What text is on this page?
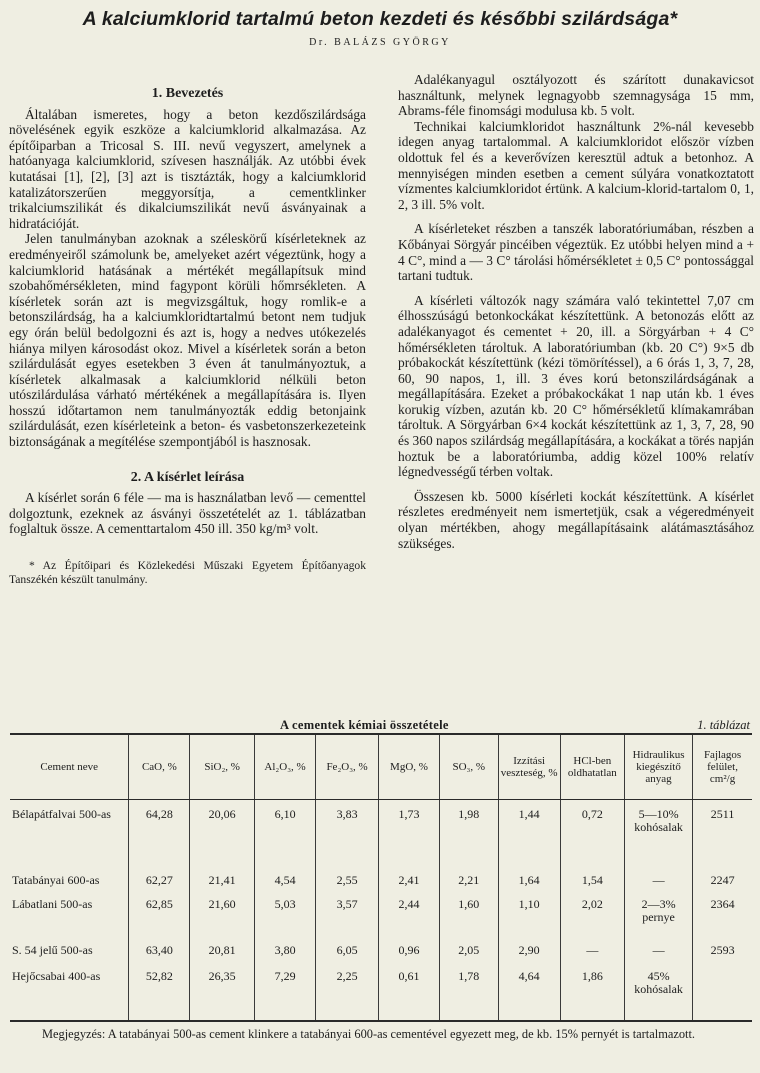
A kalciumklorid tartalmú beton kezdeti és későbbi szilárdsága*
Dr. BALÁZS GYÖRGY
1. Bevezetés

Általában ismeretes, hogy a beton kezdőszilárdsága növelésének egyik eszköze a kalciumklorid alkalmazása. Az építőiparban a Tricosal S. III. nevű vegyszert, amelynek a hatóanyaga kalciumklorid, szívesen használják. Az utóbbi évek kutatásai [1], [2], [3] azt is tisztázták, hogy a kalciumklorid katalizátorszerűen meggyorsítja, a cementklinker trikalciumszilikát és dikalciumszilikát nevű ásványainak a hidratációját.

Jelen tanulmányban azoknak a széleskörű kísérleteknek az eredményeiről számolunk be, amelyeket azért végeztünk, hogy a kalciumklorid hatásának a mértékét megállapítsuk mind szobahőmérsékleten, mind fagypont körüli hőmrsékleten. A kísérletek során azt is megvizsgáltuk, hogy romlik-e a betonszilárdság, ha a kalciumkloridtartalmú betont nem tudjuk egy órán belül bedolgozni és azt is, hogy a nedves utókezelés hiánya milyen károsodást okoz. Mivel a kísérletek során a beton szilárdulását egyes esetekben 3 éven át tanulmányoztuk, a kísérletek alkalmasak a kalciumklorid nélküli beton utószilárdulása várható mértékének a megállapítására is. Ilyen hosszú időtartamon nem tanulmányozták eddig betonjaink szilárdulását, ezen kísérleteink a beton- és vasbetonszerkezeteink biztonságának a megítélése szempontjából is hasznosak.

2. A kísérlet leírása

A kísérlet során 6 féle — ma is használatban levő — cementtel dolgoztunk, ezeknek az ásványi összetételét az 1. táblázatban foglaltuk össze. A cementtartalom 450 ill. 350 kg/m³ volt.

* Az Építőipari és Közlekedési Műszaki Egyetem Építőanyagok Tanszékén készült tanulmány.

Adalékanyagul osztályozott és szárított dunakavicsot használtunk, melynek legnagyobb szemnagysága 15 mm, Abrams-féle finomsági modulusa kb. 5 volt.

Technikai kalciumkloridot használtunk 2%-nál kevesebb idegen anyag tartalommal. A kalciumkloridot először vízben oldottuk fel és a keverővízen keresztül adtuk a betonhoz. A mennyiségen minden esetben a cement súlyára vonatkoztatott vízmentes kalciumkloridot értünk. A kalcium-klorid-tartalom 0, 1, 2, 3 ill. 5% volt.

A kísérleteket részben a tanszék laboratóriumában, részben a Kőbányai Sörgyár pincéiben végeztük. Ez utóbbi helyen mind a + 4 C°, mind a — 3 C° tárolási hőmérsékletet ± 0,5 C° pontossággal tartani tudtuk.

A kísérleti változók nagy számára való tekintettel 7,07 cm élhosszúságú betonkockákat készítettünk. A betonozás előtt az adalékanyagot és cementet + 20, ill. a Sörgyárban + 4 C° hőmérsékleten tároltuk. A laboratóriumban (kb. 20 C°) 9×5 db próbakockát készítettünk (kézi tömörítéssel), a 6 órás 1, 3, 7, 28, 60, 90 napos, 1, ill. 3 éves korú betonszilárdságának a megállapítására. Ezeket a próbakockákat 1 nap után kb. 1 éves korukig vízben, azután kb. 20 C° hőmérsékletű klímakamrában tároltuk. A Sörgyárban 6×4 kockát készítettünk az 1, 3, 7, 28, 90 és 360 napos szilárdság megállapítására, a kockákat a törés napján hoztuk be a laboratóriumba, addig közel 100% relatív légnedvességű térben voltak.

Összesen kb. 5000 kísérleti kockát készítettünk. A kísérlet részletes eredményeit nem ismertetjük, csak a végeredményeit olyan mértékben, ahogy megállapításaink alátámasztásához szükséges.

A cementek kémiai összetétele	1. táblázat
Cement neve	CaO, %	SiO₂, %	Al₂O₃, %	Fe₂O₃, %	MgO, %	SO₃, %	Izzítási veszteség, %	HCl-ben oldhatatlan	Hidraulikus kiegészítő anyag	Fajlagos felület, cm²/g
Bélapátfalvai 500-as	64,28	20,06	6,10	3,83	1,73	1,98	1,44	0,72	5—10% kohósalak	2511
Tatabányai 600-as	62,27	21,41	4,54	2,55	2,41	2,21	1,64	1,54	—	2247
Lábatlani 500-as	62,85	21,60	5,03	3,57	2,44	1,60	1,10	2,02	2—3% pernye	2364
S. 54 jelű 500-as	63,40	20,81	3,80	6,05	0,96	2,05	2,90	—	—	2593
Hejőcsabai 400-as	52,82	26,35	7,29	2,25	0,61	1,78	4,64	1,86	45% kohósalak	
Megjegyzés: A tatabányai 500-as cement klinkere a tatabányai 600-as cementével egyezett meg, de kb. 15% pernyét is tartalmazott.
